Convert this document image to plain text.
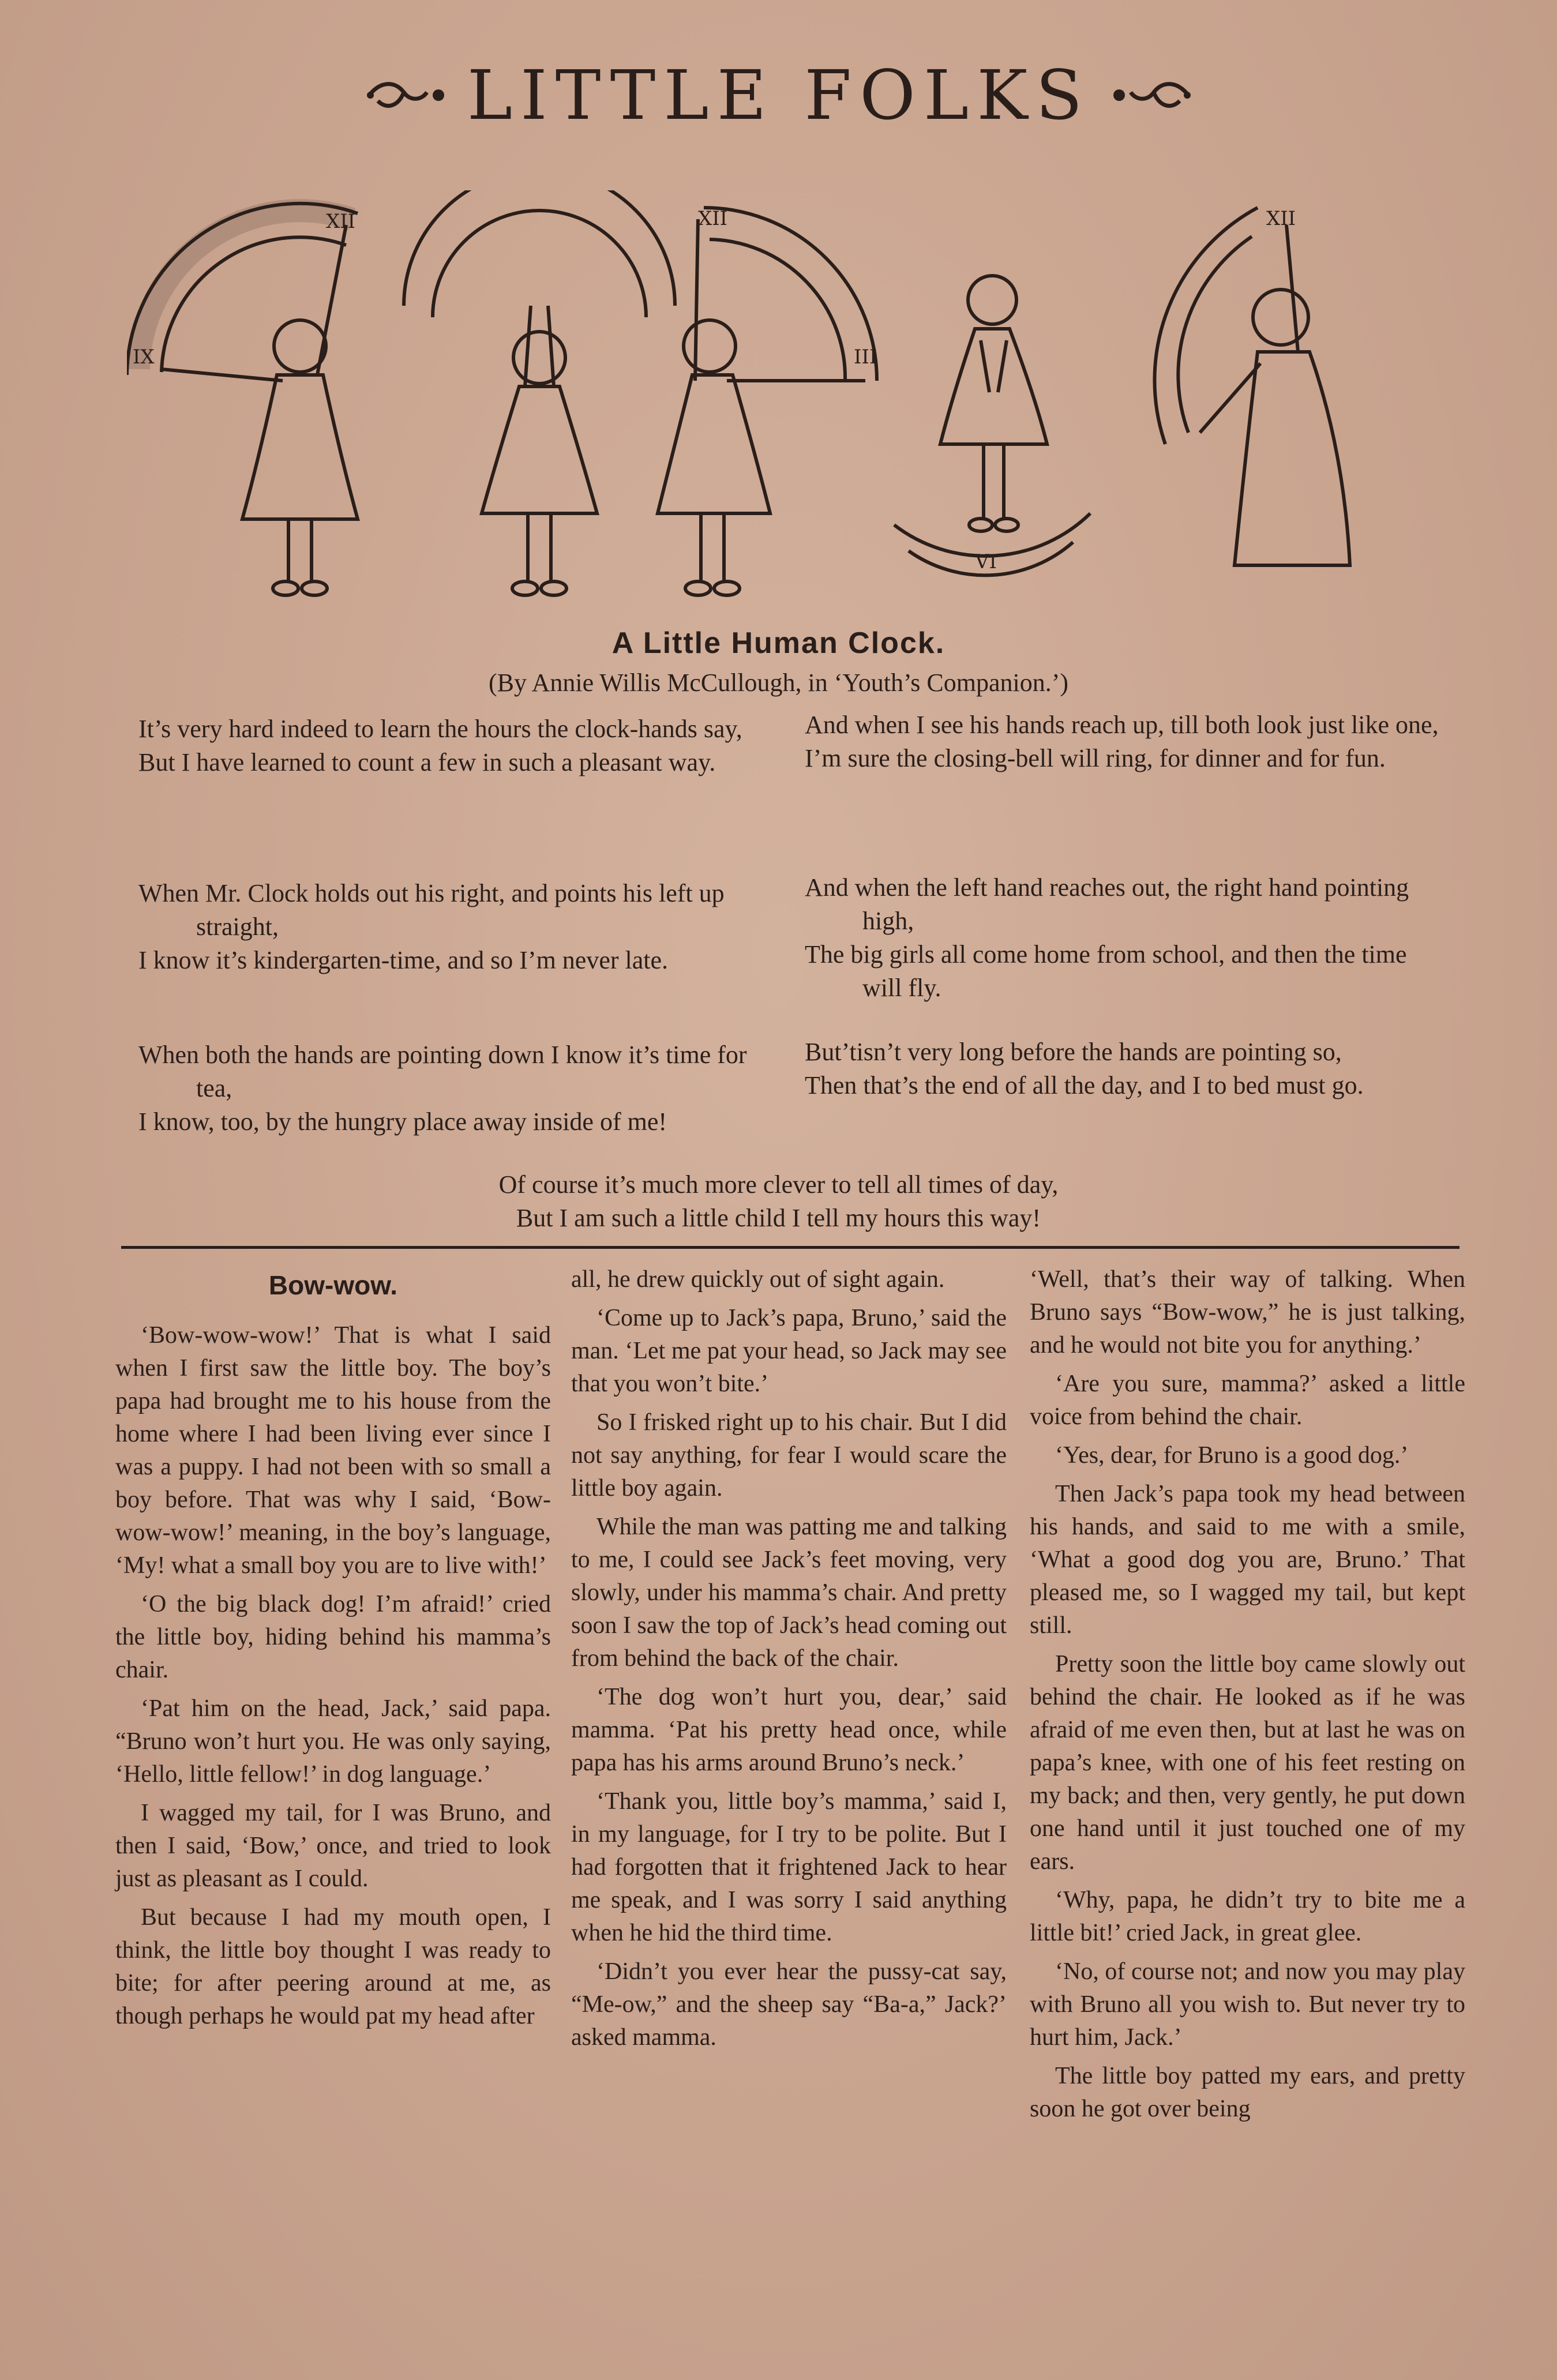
LITTLE FOLKS
XII
IX
XII
III
VI
XII
A Little Human Clock.
(By Annie Willis McCullough, in ‘Youth’s Companion.’)
It’s very hard indeed to learn the hours the clock-hands say,
But I have learned to count a few in such a pleasant way.
When Mr. Clock holds out his right, and points his left up straight,
I know it’s kindergarten-time, and so I’m never late.
When both the hands are pointing down I know it’s time for tea,
I know, too, by the hungry place away inside of me!
And when I see his hands reach up, till both look just like one,
I’m sure the closing-bell will ring, for dinner and for fun.
And when the left hand reaches out, the right hand pointing high,
The big girls all come home from school, and then the time will fly.
But’tisn’t very long before the hands are pointing so,
Then that’s the end of all the day, and I to bed must go.
Of course it’s much more clever to tell all times of day,
But I am such a little child I tell my hours this way!
Bow-wow.

‘Bow-wow-wow!’ That is what I said when I first saw the little boy. The boy’s papa had brought me to his house from the home where I had been living ever since I was a puppy. I had not been with so small a boy before. That was why I said, ‘Bow-wow-wow!’ meaning, in the boy’s language, ‘My! what a small boy you are to live with!’

‘O the big black dog! I’m afraid!’ cried the little boy, hiding behind his mamma’s chair.

‘Pat him on the head, Jack,’ said papa. “Bruno won’t hurt you. He was only saying, ‘Hello, little fellow!’ in dog language.’

I wagged my tail, for I was Bruno, and then I said, ‘Bow,’ once, and tried to look just as pleasant as I could.

But because I had my mouth open, I think, the little boy thought I was ready to bite; for after peering around at me, as though perhaps he would pat my head after

all, he drew quickly out of sight again.

‘Come up to Jack’s papa, Bruno,’ said the man. ‘Let me pat your head, so Jack may see that you won’t bite.’

So I frisked right up to his chair. But I did not say anything, for fear I would scare the little boy again.

While the man was patting me and talking to me, I could see Jack’s feet moving, very slowly, under his mamma’s chair. And pretty soon I saw the top of Jack’s head coming out from behind the back of the chair.

‘The dog won’t hurt you, dear,’ said mamma. ‘Pat his pretty head once, while papa has his arms around Bruno’s neck.’

‘Thank you, little boy’s mamma,’ said I, in my language, for I try to be polite. But I had forgotten that it frightened Jack to hear me speak, and I was sorry I said anything when he hid the third time.

‘Didn’t you ever hear the pussy-cat say, “Me-ow,” and the sheep say “Ba-a,” Jack?’ asked mamma.

‘Well, that’s their way of talking. When Bruno says “Bow-wow,” he is just talking, and he would not bite you for anything.’

‘Are you sure, mamma?’ asked a little voice from behind the chair.

‘Yes, dear, for Bruno is a good dog.’

Then Jack’s papa took my head between his hands, and said to me with a smile, ‘What a good dog you are, Bruno.’ That pleased me, so I wagged my tail, but kept still.

Pretty soon the little boy came slowly out behind the chair. He looked as if he was afraid of me even then, but at last he was on papa’s knee, with one of his feet resting on my back; and then, very gently, he put down one hand until it just touched one of my ears.

‘Why, papa, he didn’t try to bite me a little bit!’ cried Jack, in great glee.

‘No, of course not; and now you may play with Bruno all you wish to. But never try to hurt him, Jack.’

The little boy patted my ears, and pretty soon he got over being
